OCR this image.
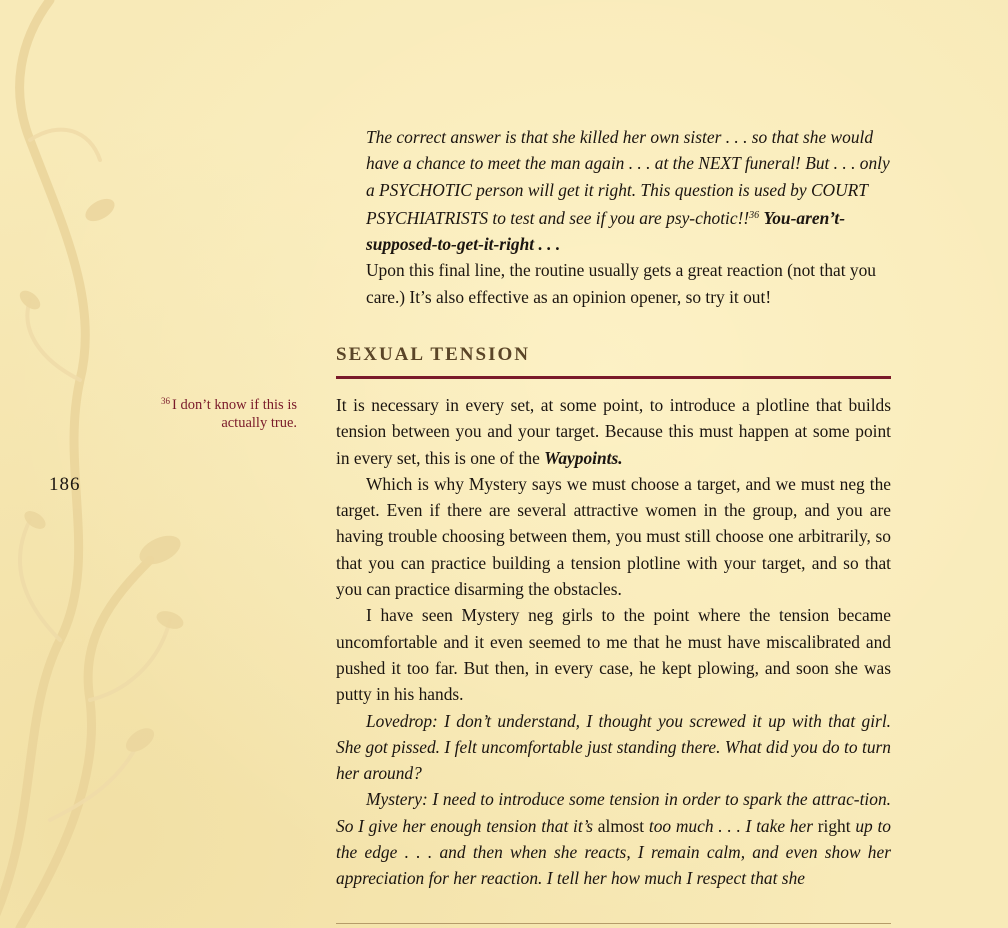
186
$^{36}$ I don’t know if this is actually true.

The correct answer is that she killed her own sister . . . so that she would have a chance to meet the man again . . . at the NEXT funeral! But . . . only a PSYCHOTIC person will get it right. This question is used by COURT PSYCHIATRISTS to test and see if you are psy-chotic!!$^{36}$ You-aren’t-supposed-to-get-it-right . . .

Upon this final line, the routine usually gets a great reaction (not that you care.) It’s also effective as an opinion opener, so try it out!

SEXUAL TENSION

It is necessary in every set, at some point, to introduce a plotline that builds tension between you and your target. Because this must happen at some point in every set, this is one of the Waypoints.

Which is why Mystery says we must choose a target, and we must neg the target. Even if there are several attractive women in the group, and you are having trouble choosing between them, you must still choose one arbitrarily, so that you can practice building a tension plotline with your target, and so that you can practice disarming the obstacles.

I have seen Mystery neg girls to the point where the tension became uncomfortable and it even seemed to me that he must have miscalibrated and pushed it too far. But then, in every case, he kept plowing, and soon she was putty in his hands.

Lovedrop: I don’t understand, I thought you screwed it up with that girl. She got pissed. I felt uncomfortable just standing there. What did you do to turn her around?

Mystery: I need to introduce some tension in order to spark the attrac-tion. So I give her enough tension that it’s almost too much . . . I take her right up to the edge . . . and then when she reacts, I remain calm, and even show her appreciation for her reaction. I tell her how much I respect that she
